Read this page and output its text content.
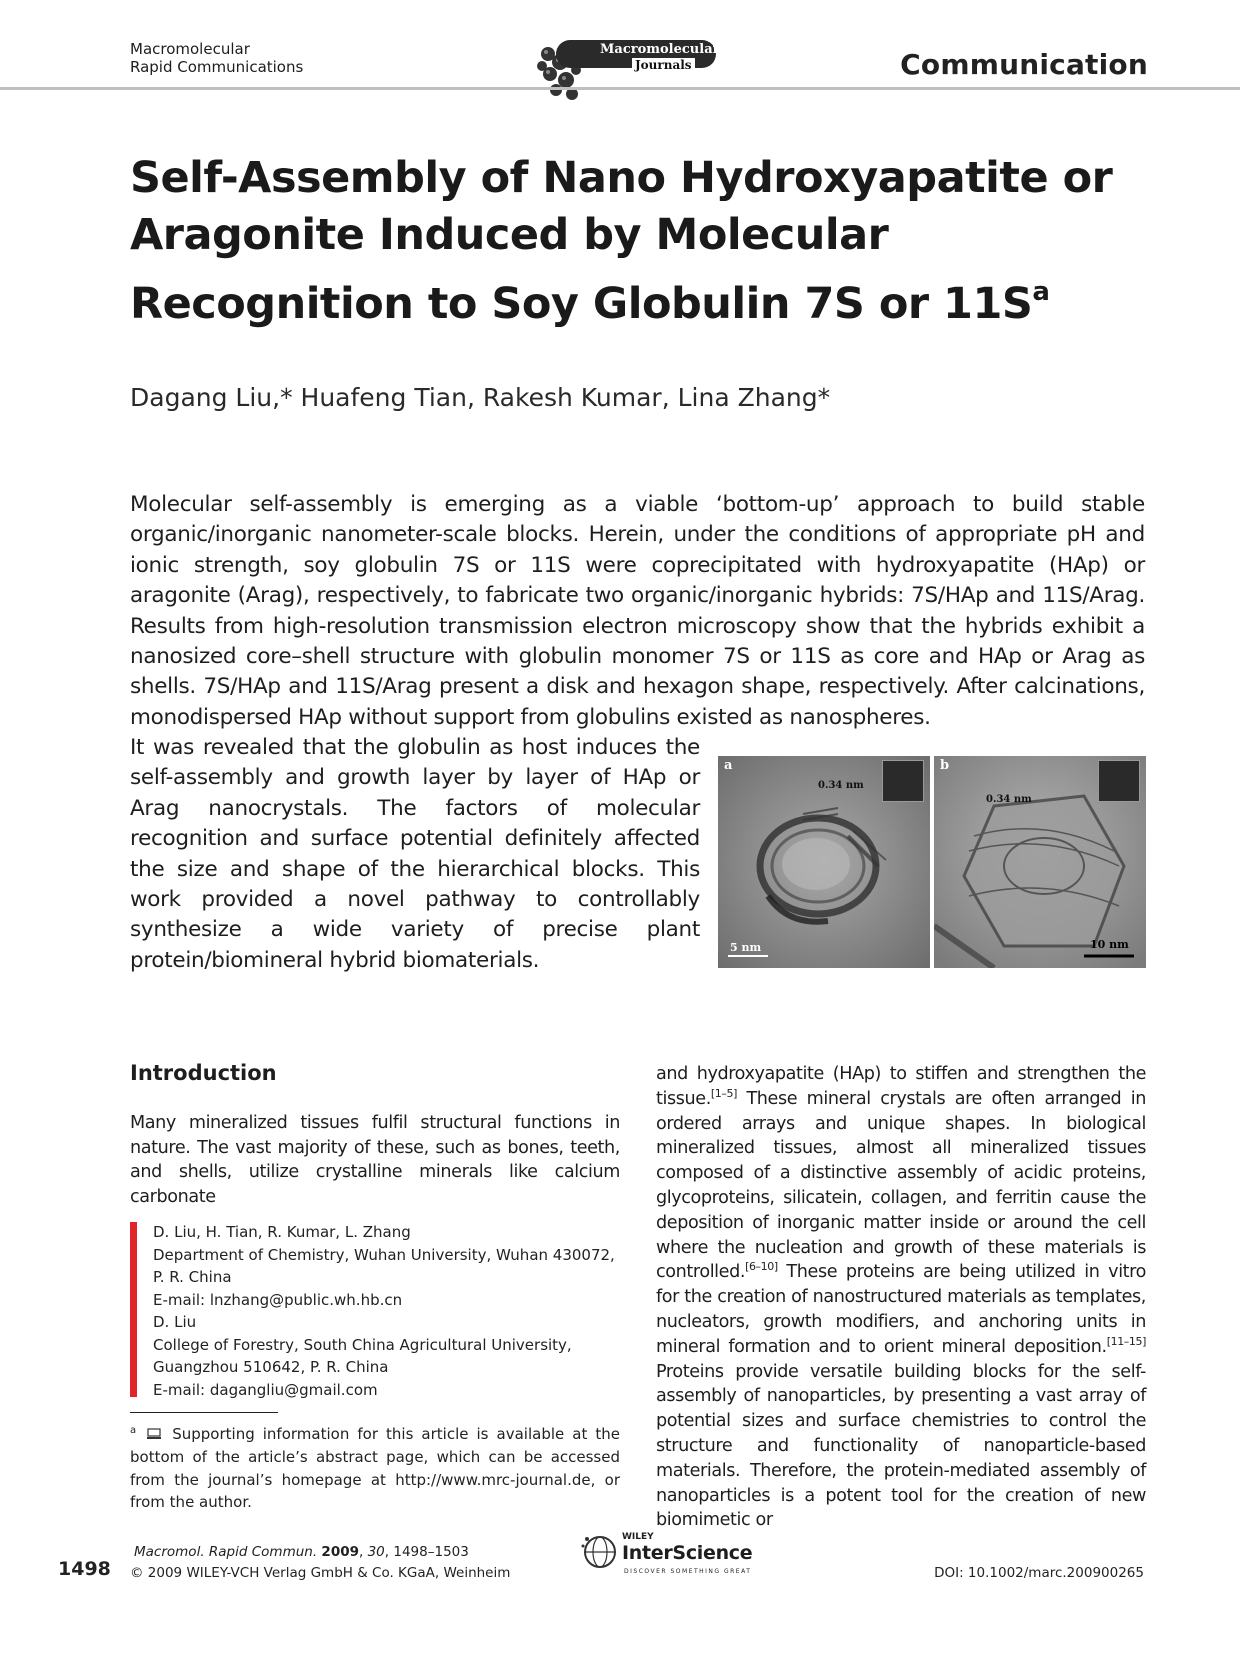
Macromolecular
Rapid Communications
Macromolecular
Journals	Communication
Self-Assembly of Nano Hydroxyapatite or Aragonite Induced by Molecular Recognition to Soy Globulin 7S or $11S^a$
Dagang Liu,* Huafeng Tian, Rakesh Kumar, Lina Zhang*
Molecular self-assembly is emerging as a viable ‘bottom-up’ approach to build stable organic/inorganic nanometer-scale blocks. Herein, under the conditions of appropriate pH and ionic strength, soy globulin 7S or 11S were coprecipitated with hydroxyapatite (HAp) or aragonite (Arag), respectively, to fabricate two organic/inorganic hybrids: 7S/HAp and 11S/Arag. Results from high-resolution transmission electron microscopy show that the hybrids exhibit a nanosized core–shell structure with globulin monomer 7S or 11S as core and HAp or Arag as shells. 7S/HAp and 11S/Arag present a disk and hexagon shape, respectively. After calcinations, monodispersed HAp without support from globulins existed as nanospheres.
It was revealed that the globulin as host induces the self-assembly and growth layer by layer of HAp or Arag nanocrystals. The factors of molecular recognition and surface potential definitely affected the size and shape of the hierarchical blocks. This work provided a novel pathway to controllably synthesize a wide variety of precise plant protein/biomineral hybrid biomaterials.
a
0.34 nm
5 nm
b
0.34 nm
10 nm
Introduction
Many mineralized tissues fulfil structural functions in nature. The vast majority of these, such as bones, teeth, and shells, utilize crystalline minerals like calcium carbonate
and hydroxyapatite (HAp) to stiffen and strengthen the tissue.[1–5] These mineral crystals are often arranged in ordered arrays and unique shapes. In biological mineralized tissues, almost all mineralized tissues composed of a distinctive assembly of acidic proteins, glycoproteins, silicatein, collagen, and ferritin cause the deposition of inorganic matter inside or around the cell where the nucleation and growth of these materials is controlled.[6–10] These proteins are being utilized in vitro for the creation of nanostructured materials as templates, nucleators, growth modifiers, and anchoring units in mineral formation and to orient mineral deposition.[11–15] Proteins provide versatile building blocks for the self-assembly of nanoparticles, by presenting a vast array of potential sizes and surface chemistries to control the structure and functionality of nanoparticle-based materials. Therefore, the protein-mediated assembly of nanoparticles is a potent tool for the creation of new biomimetic or
D. Liu, H. Tian, R. Kumar, L. Zhang
Department of Chemistry, Wuhan University, Wuhan 430072,
P. R. China
E-mail: lnzhang@public.wh.hb.cn
D. Liu
College of Forestry, South China Agricultural University,
Guangzhou 510642, P. R. China
E-mail: dagangliu@gmail.com
$^a$ Supporting information for this article is available at the bottom of the article’s abstract page, which can be accessed from the journal’s homepage at http://www.mrc-journal.de, or from the author.
1498
Macromol. Rapid Commun. 2009, 30, 1498–1503
© 2009 WILEY-VCH Verlag GmbH & Co. KGaA, Weinheim
WILEY
InterScience
DISCOVER SOMETHING GREAT	DOI: 10.1002/marc.200900265
